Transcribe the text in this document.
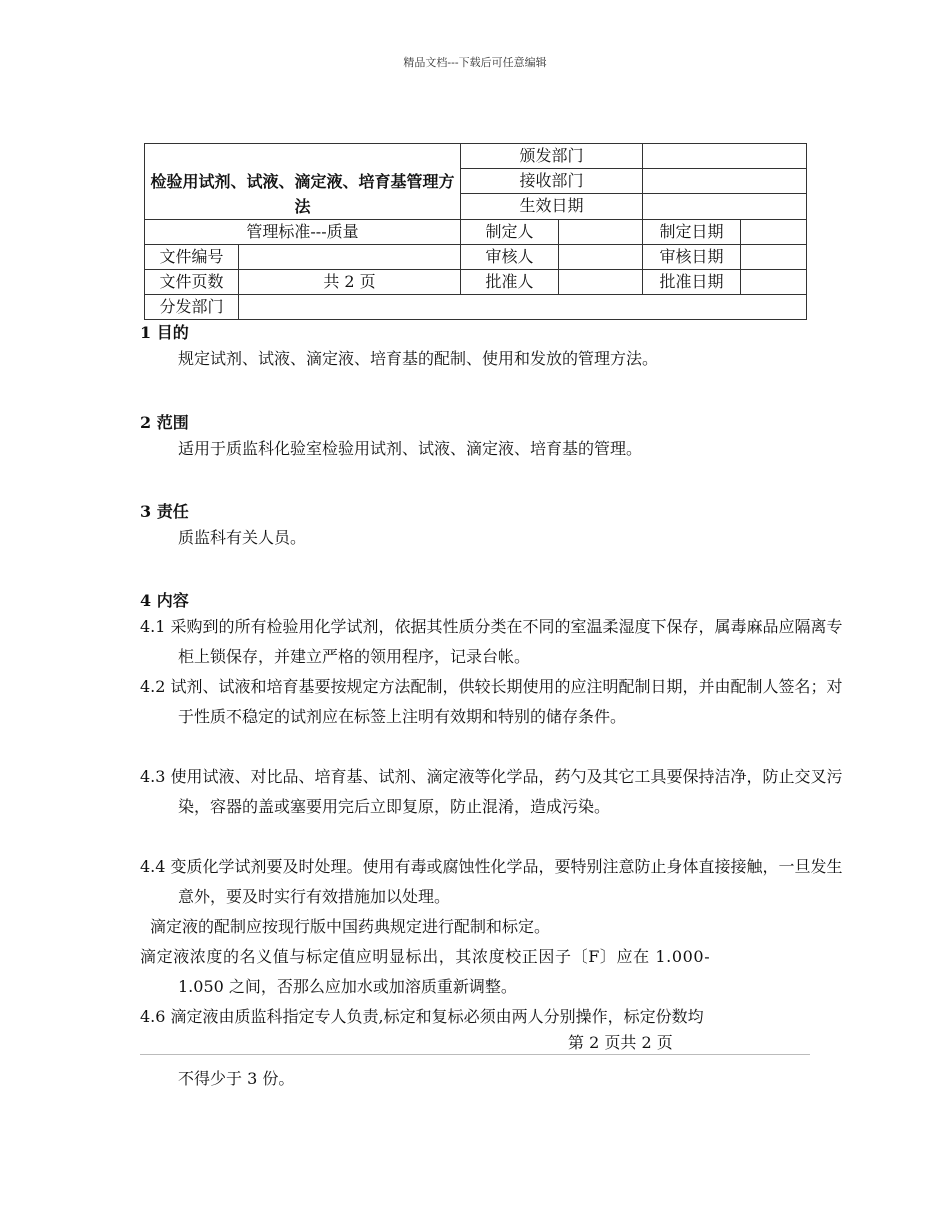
精品文档---下载后可任意编辑
		颁发部门			
检验用试剂、试液、滴定液、培育基管理方法		接收部门			
		生效日期			
管理标准---质量		制定人		制定日期	
文件编号		审核人		审核日期	
文件页数	共 2 页	批准人		批准日期	
分发部门					
1 目的
规定试剂、试液、滴定液、培育基的配制、使用和发放的管理方法。
2 范围
适用于质监科化验室检验用试剂、试液、滴定液、培育基的管理。
3 责任
质监科有关人员。
4 内容
4.1 采购到的所有检验用化学试剂，依据其性质分类在不同的室温柔湿度下保存，属毒麻品应隔离专柜上锁保存，并建立严格的领用程序，记录台帐。
4.2 试剂、试液和培育基要按规定方法配制，供较长期使用的应注明配制日期，并由配制人签名；对于性质不稳定的试剂应在标签上注明有效期和特别的储存条件。
4.3 使用试液、对比品、培育基、试剂、滴定液等化学品，药勺及其它工具要保持洁净，防止交叉污染，容器的盖或塞要用完后立即复原，防止混淆，造成污染。
4.4 变质化学试剂要及时处理。使用有毒或腐蚀性化学品，要特别注意防止身体直接接触，一旦发生意外，要及时实行有效措施加以处理。
滴定液的配制应按现行版中国药典规定进行配制和标定。
滴定液浓度的名义值与标定值应明显标出，其浓度校正因子〔F〕应在 1.000-
1.050 之间，否那么应加水或加溶质重新调整。
4.6 滴定液由质监科指定专人负责,标定和复标必须由两人分别操作，标定份数均
第 2 页共 2 页
不得少于 3 份。
